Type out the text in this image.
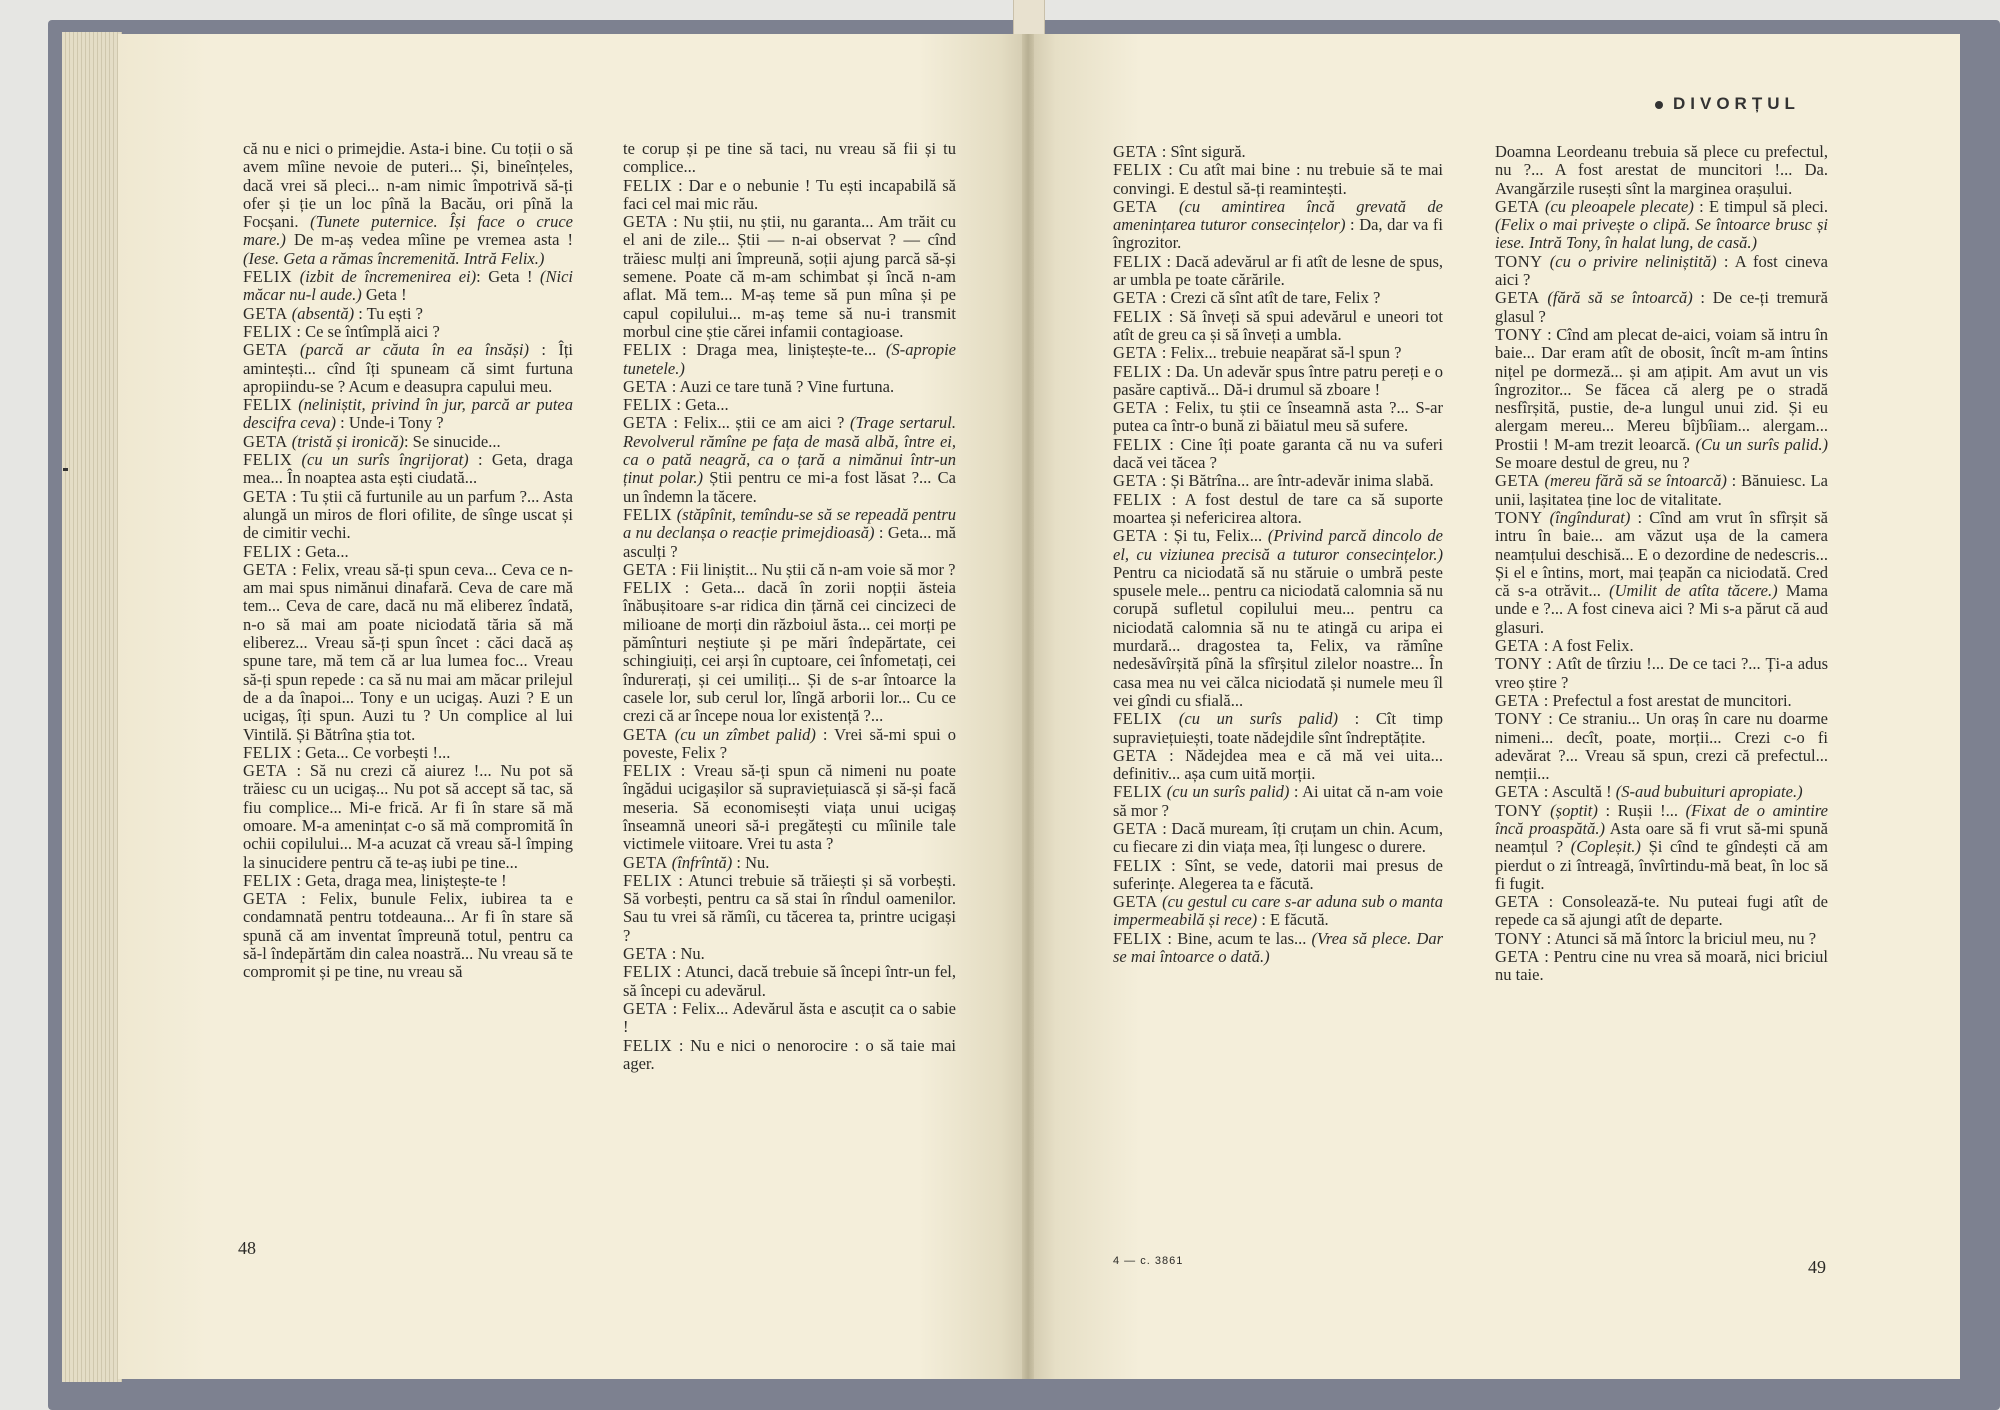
DIVORȚUL

că nu e nici o primejdie. Asta-i bine. Cu toții o să avem mîine nevoie de puteri... Și, bineînțeles, dacă vrei să pleci... n-am nimic împotrivă să-ți ofer și ție un loc pînă la Bacău, ori pînă la Focșani. (Tunete puternice. Își face o cruce mare.) De m-aș vedea mîine pe vremea asta ! (Iese. Geta a rămas încremenită. Intră Felix.)

FELIX (izbit de încremenirea ei): Geta ! (Nici măcar nu-l aude.) Geta !

GETA (absentă) : Tu ești ?

FELIX : Ce se întîmplă aici ?

GETA (parcă ar căuta în ea însăși) : Îți amintești... cînd îți spuneam că simt furtuna apropiindu-se ? Acum e deasupra capului meu.

FELIX (neliniștit, privind în jur, parcă ar putea descifra ceva) : Unde-i Tony ?

GETA (tristă și ironică): Se sinucide...

FELIX (cu un surîs îngrijorat) : Geta, draga mea... În noaptea asta ești ciudată...

GETA : Tu știi că furtunile au un parfum ?... Asta alungă un miros de flori ofilite, de sînge uscat și de cimitir vechi.

FELIX : Geta...

GETA : Felix, vreau să-ți spun ceva... Ceva ce n-am mai spus nimănui dinafară. Ceva de care mă tem... Ceva de care, dacă nu mă eliberez îndată, n-o să mai am poate niciodată tăria să mă eliberez... Vreau să-ți spun încet : căci dacă aș spune tare, mă tem că ar lua lumea foc... Vreau să-ți spun repede : ca să nu mai am măcar prilejul de a da înapoi... Tony e un ucigaș. Auzi ? E un ucigaș, îți spun. Auzi tu ? Un complice al lui Vintilă. Și Bătrîna știa tot.

FELIX : Geta... Ce vorbești !...

GETA : Să nu crezi că aiurez !... Nu pot să trăiesc cu un ucigaș... Nu pot să accept să tac, să fiu complice... Mi-e frică. Ar fi în stare să mă omoare. M-a amenințat c-o să mă compromită în ochii copilului... M-a acuzat că vreau să-l împing la sinucidere pentru că te-aș iubi pe tine...

FELIX : Geta, draga mea, liniștește-te !

GETA : Felix, bunule Felix, iubirea ta e condamnată pentru totdeauna... Ar fi în stare să spună că am inventat împreună totul, pentru ca să-l îndepărtăm din calea noastră... Nu vreau să te compromit și pe tine, nu vreau să

te corup și pe tine să taci, nu vreau să fii și tu complice...

FELIX : Dar e o nebunie ! Tu ești incapabilă să faci cel mai mic rău.

GETA : Nu știi, nu știi, nu garanta... Am trăit cu el ani de zile... Știi — n-ai observat ? — cînd trăiesc mulți ani împreună, soții ajung parcă să-și semene. Poate că m-am schimbat și încă n-am aflat. Mă tem... M-aș teme să pun mîna și pe capul copilului... m-aș teme să nu-i transmit morbul cine știe cărei infamii contagioase.

FELIX : Draga mea, liniștește-te... (S-apropie tunetele.)

GETA : Auzi ce tare tună ? Vine furtuna.

FELIX : Geta...

GETA : Felix... știi ce am aici ? (Trage sertarul. Revolverul rămîne pe fața de masă albă, între ei, ca o pată neagră, ca o țară a nimănui într-un ținut polar.) Știi pentru ce mi-a fost lăsat ?... Ca un îndemn la tăcere.

FELIX (stăpînit, temîndu-se să se repeadă pentru a nu declanșa o reacție primejdioasă) : Geta... mă asculți ?

GETA : Fii liniștit... Nu știi că n-am voie să mor ?

FELIX : Geta... dacă în zorii nopții ăsteia înăbușitoare s-ar ridica din țărnă cei cincizeci de milioane de morți din războiul ăsta... cei morți pe pămînturi neștiute și pe mări îndepărtate, cei schingiuiți, cei arși în cuptoare, cei înfometați, cei îndurerați, și cei umiliți... Și de s-ar întoarce la casele lor, sub cerul lor, lîngă arborii lor... Cu ce crezi că ar începe noua lor existență ?...

GETA (cu un zîmbet palid) : Vrei să-mi spui o poveste, Felix ?

FELIX : Vreau să-ți spun că nimeni nu poate îngădui ucigașilor să supraviețuiască și să-și facă meseria. Să economisești viața unui ucigaș înseamnă uneori să-i pregătești cu mîinile tale victimele viitoare. Vrei tu asta ?

GETA (înfrîntă) : Nu.

FELIX : Atunci trebuie să trăiești și să vorbești. Să vorbești, pentru ca să stai în rîndul oamenilor. Sau tu vrei să rămîi, cu tăcerea ta, printre ucigași ?

GETA : Nu.

FELIX : Atunci, dacă trebuie să începi într-un fel, să începi cu adevărul.

GETA : Felix... Adevărul ăsta e ascuțit ca o sabie !

FELIX : Nu e nici o nenorocire : o să taie mai ager.

GETA : Sînt sigură.

FELIX : Cu atît mai bine : nu trebuie să te mai convingi. E destul să-ți reamintești.

GETA (cu amintirea încă grevată de amenințarea tuturor consecințelor) : Da, dar va fi îngrozitor.

FELIX : Dacă adevărul ar fi atît de lesne de spus, ar umbla pe toate cărările.

GETA : Crezi că sînt atît de tare, Felix ?

FELIX : Să înveți să spui adevărul e uneori tot atît de greu ca și să înveți a umbla.

GETA : Felix... trebuie neapărat să-l spun ?

FELIX : Da. Un adevăr spus între patru pereți e o pasăre captivă... Dă-i drumul să zboare !

GETA : Felix, tu știi ce înseamnă asta ?... S-ar putea ca într-o bună zi băiatul meu să sufere.

FELIX : Cine îți poate garanta că nu va suferi dacă vei tăcea ?

GETA : Și Bătrîna... are într-adevăr inima slabă.

FELIX : A fost destul de tare ca să suporte moartea și nefericirea altora.

GETA : Și tu, Felix... (Privind parcă dincolo de el, cu viziunea precisă a tuturor consecințelor.) Pentru ca niciodată să nu stăruie o umbră peste spusele mele... pentru ca niciodată calomnia să nu corupă sufletul copilului meu... pentru ca niciodată calomnia să nu te atingă cu aripa ei murdară... dragostea ta, Felix, va rămîne nedesăvîrșită pînă la sfîrșitul zilelor noastre... În casa mea nu vei călca niciodată și numele meu îl vei gîndi cu sfială...

FELIX (cu un surîs palid) : Cît timp supraviețuiești, toate nădejdile sînt îndreptățite.

GETA : Nădejdea mea e că mă vei uita... definitiv... așa cum uită morții.

FELIX (cu un surîs palid) : Ai uitat că n-am voie să mor ?

GETA : Dacă muream, îți cruțam un chin. Acum, cu fiecare zi din viața mea, îți lungesc o durere.

FELIX : Sînt, se vede, datorii mai presus de suferințe. Alegerea ta e făcută.

GETA (cu gestul cu care s-ar aduna sub o manta impermeabilă și rece) : E făcută.

FELIX : Bine, acum te las... (Vrea să plece. Dar se mai întoarce o dată.)

Doamna Leordeanu trebuia să plece cu prefectul, nu ?... A fost arestat de muncitori !... Da. Avangărzile rusești sînt la marginea orașului.

GETA (cu pleoapele plecate) : E timpul să pleci. (Felix o mai privește o clipă. Se întoarce brusc și iese. Intră Tony, în halat lung, de casă.)

TONY (cu o privire neliniștită) : A fost cineva aici ?

GETA (fără să se întoarcă) : De ce-ți tremură glasul ?

TONY : Cînd am plecat de-aici, voiam să intru în baie... Dar eram atît de obosit, încît m-am întins nițel pe dormeză... și am ațipit. Am avut un vis îngrozitor... Se făcea că alerg pe o stradă nesfîrșită, pustie, de-a lungul unui zid. Și eu alergam mereu... Mereu bîjbîiam... alergam... Prostii ! M-am trezit leoarcă. (Cu un surîs palid.) Se moare destul de greu, nu ?

GETA (mereu fără să se întoarcă) : Bănuiesc. La unii, lașitatea ține loc de vitalitate.

TONY (îngîndurat) : Cînd am vrut în sfîrșit să intru în baie... am văzut ușa de la camera neamțului deschisă... E o dezordine de nedescris... Și el e întins, mort, mai țeapăn ca niciodată. Cred că s-a otrăvit... (Umilit de atîta tăcere.) Mama unde e ?... A fost cineva aici ? Mi s-a părut că aud glasuri.

GETA : A fost Felix.

TONY : Atît de tîrziu !... De ce taci ?... Ți-a adus vreo știre ?

GETA : Prefectul a fost arestat de muncitori.

TONY : Ce straniu... Un oraș în care nu doarme nimeni... decît, poate, morții... Crezi c-o fi adevărat ?... Vreau să spun, crezi că prefectul... nemții...

GETA : Ascultă ! (S-aud bubuituri apropiate.)

TONY (șoptit) : Rușii !... (Fixat de o amintire încă proaspătă.) Asta oare să fi vrut să-mi spună neamțul ? (Copleșit.) Și cînd te gîndești că am pierdut o zi întreagă, învîrtindu-mă beat, în loc să fi fugit.

GETA : Consolează-te. Nu puteai fugi atît de repede ca să ajungi atît de departe.

TONY : Atunci să mă întorc la briciul meu, nu ?

GETA : Pentru cine nu vrea să moară, nici briciul nu taie.

48
49
4 — c. 3861
